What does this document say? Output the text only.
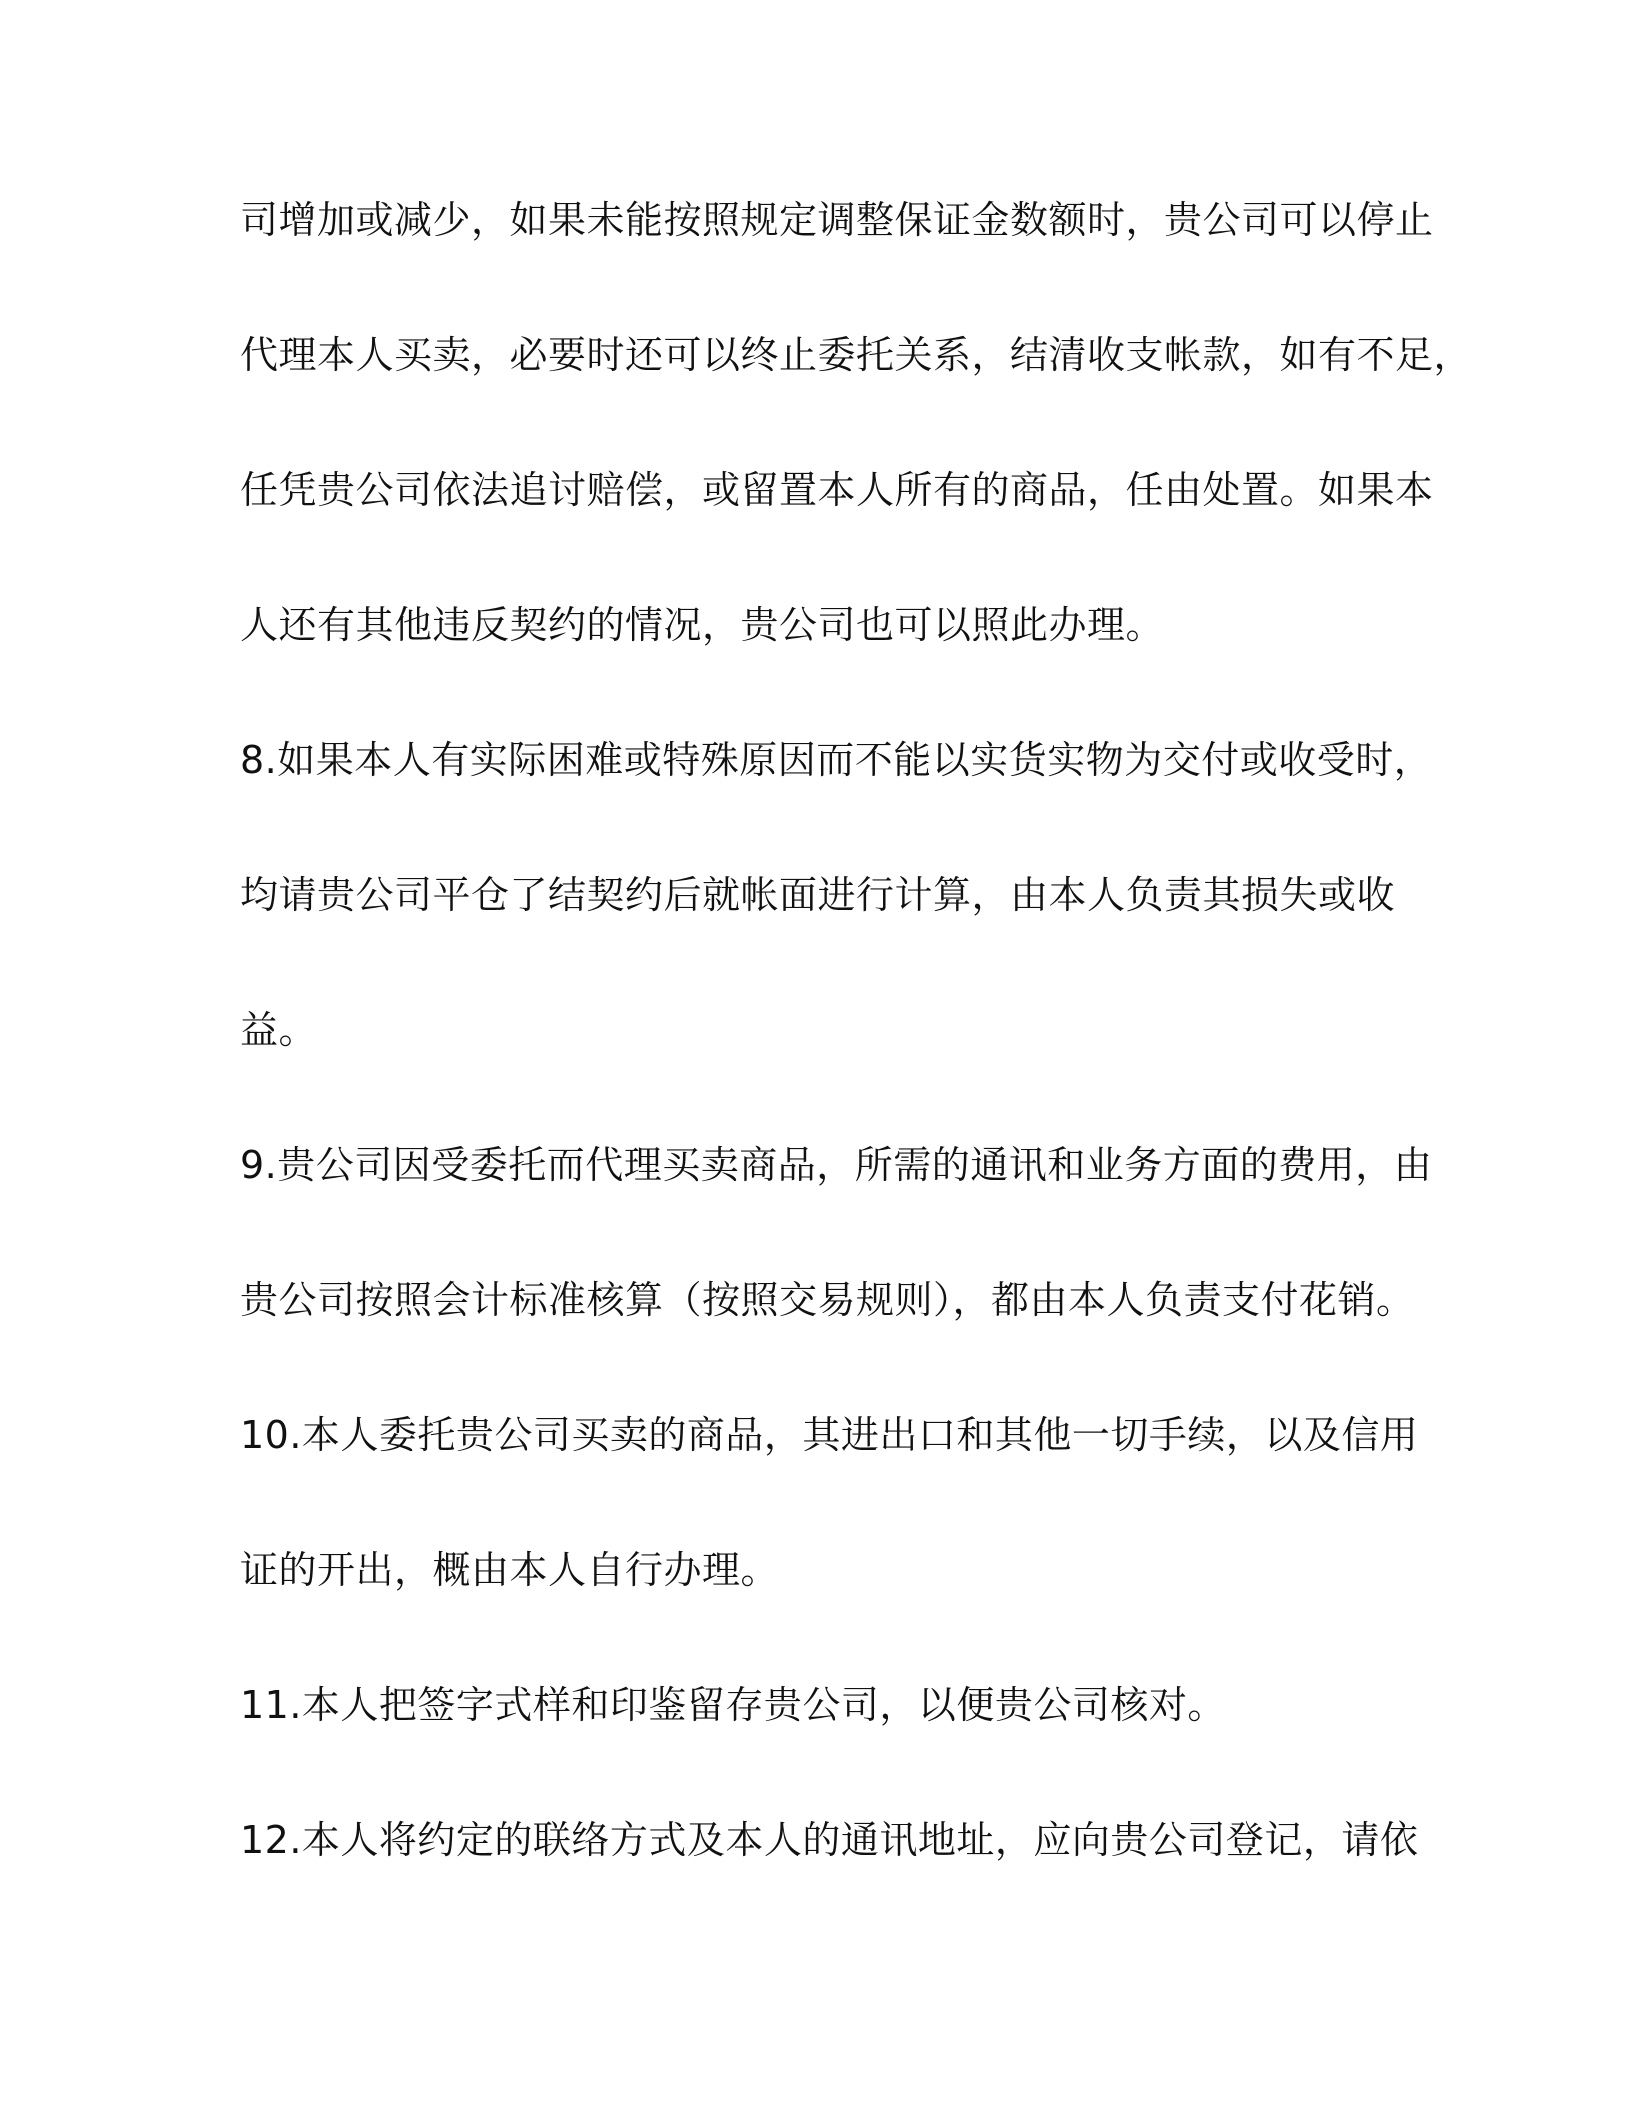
司增加或减少，如果未能按照规定调整保证金数额时，贵公司可以停止
代理本人买卖，必要时还可以终止委托关系，结清收支帐款，如有不足，
任凭贵公司依法追讨赔偿，或留置本人所有的商品，任由处置。如果本
人还有其他违反契约的情况，贵公司也可以照此办理。
8.如果本人有实际困难或特殊原因而不能以实货实物为交付或收受时，
均请贵公司平仓了结契约后就帐面进行计算，由本人负责其损失或收
益。
9.贵公司因受委托而代理买卖商品，所需的通讯和业务方面的费用，由
贵公司按照会计标准核算（按照交易规则），都由本人负责支付花销。
10.本人委托贵公司买卖的商品，其进出口和其他一切手续，以及信用
证的开出，概由本人自行办理。
11.本人把签字式样和印鉴留存贵公司，以便贵公司核对。
12.本人将约定的联络方式及本人的通讯地址，应向贵公司登记，请依
